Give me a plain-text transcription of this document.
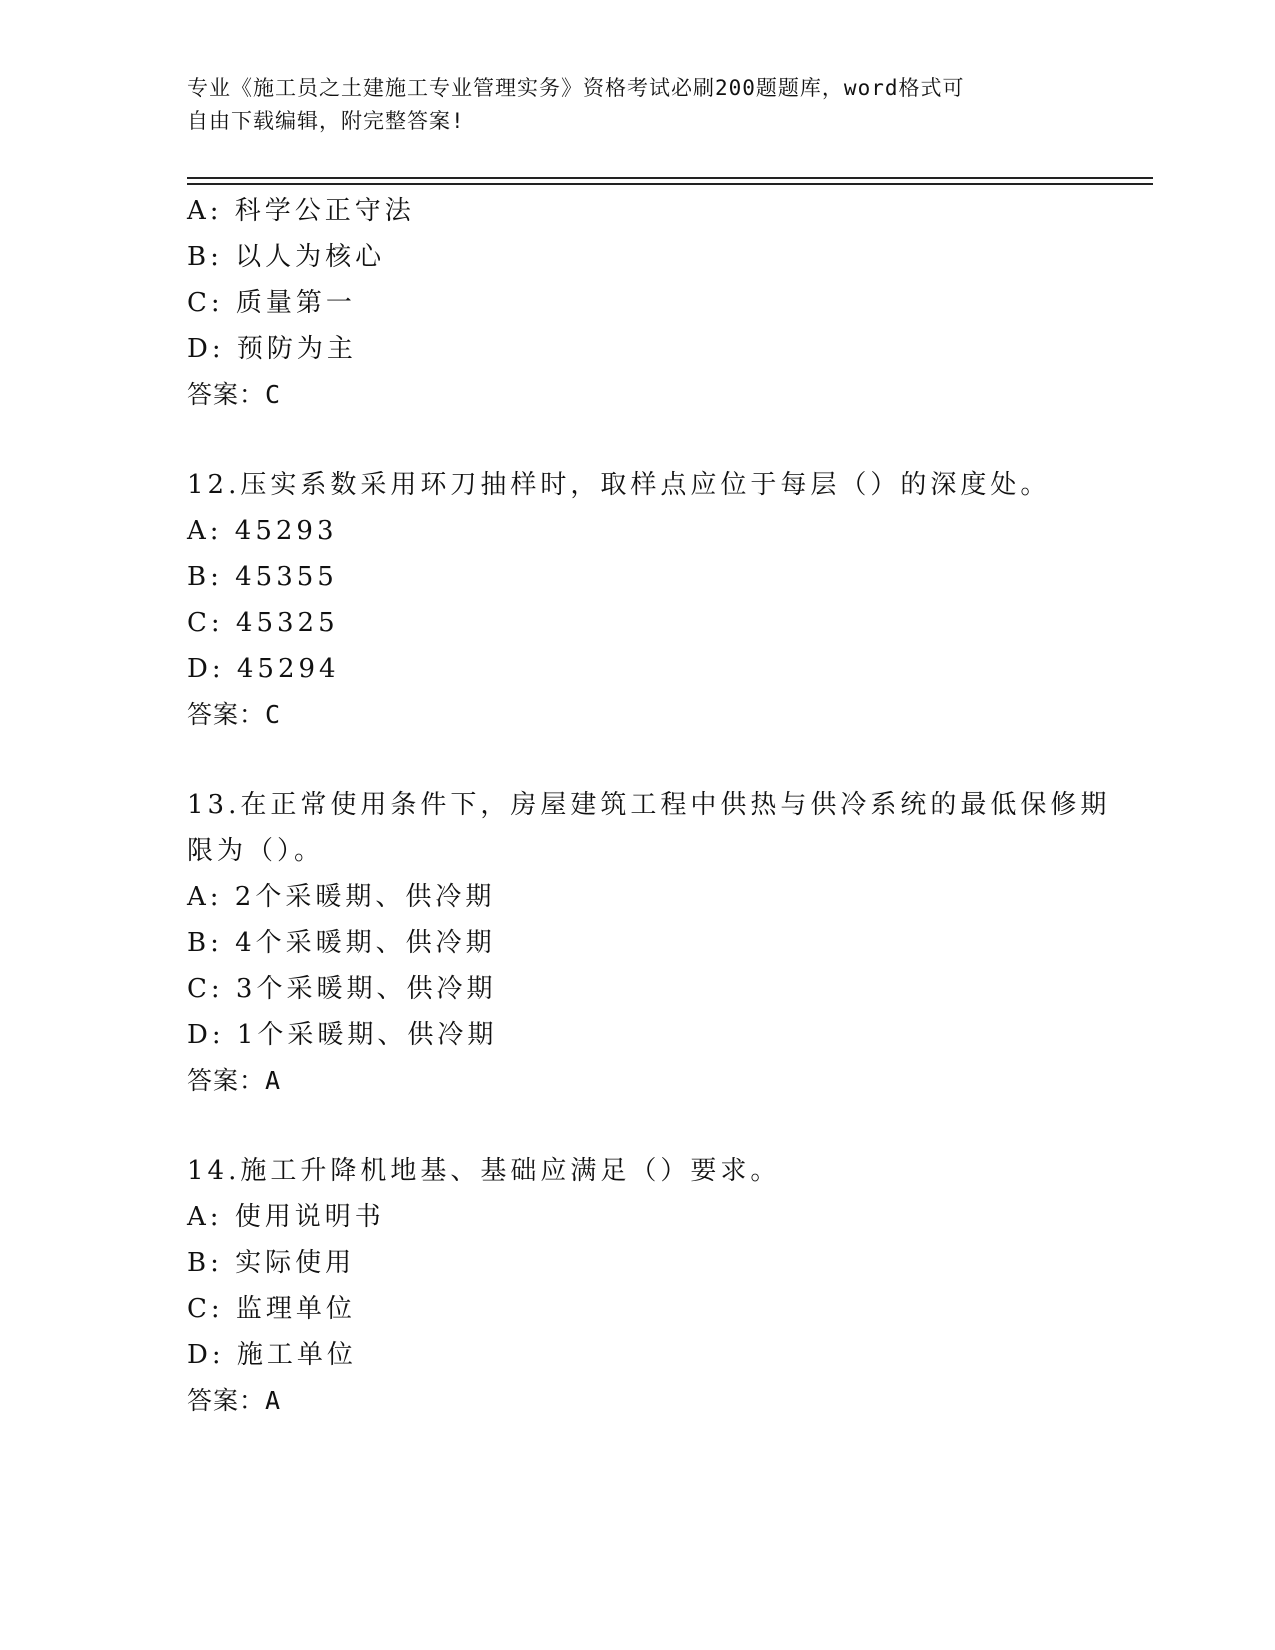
专业《施工员之土建施工专业管理实务》资格考试必刷200题题库，word格式可
自由下载编辑，附完整答案!
A: 科学公正守法
B: 以人为核心
C: 质量第一
D: 预防为主
答案：C
12.压实系数采用环刀抽样时，取样点应位于每层（）的深度处。
A: 45293
B: 45355
C: 45325
D: 45294
答案：C
13.在正常使用条件下，房屋建筑工程中供热与供冷系统的最低保修期
限为（）。
A: 2个采暖期、供冷期
B: 4个采暖期、供冷期
C: 3个采暖期、供冷期
D: 1个采暖期、供冷期
答案：A
14.施工升降机地基、基础应满足（）要求。
A: 使用说明书
B: 实际使用
C: 监理单位
D: 施工单位
答案：A
